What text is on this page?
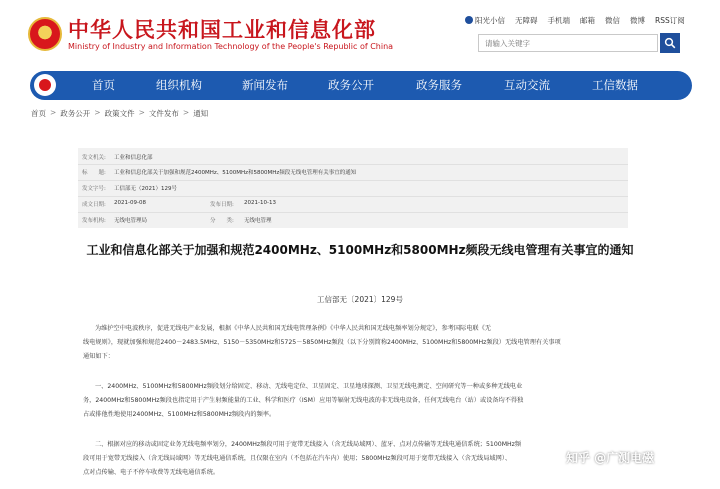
中华人民共和国工业和信息化部
Ministry of Industry and Information Technology of the People's Republic of China
阳光小信 无障碍 手机端 邮箱 微信 微博 RSS订阅
请输入关键字
首页	组织机构	新闻发布	政务公开	政务服务	互动交流	工信数据
首页 > 政务公开 > 政策文件 > 文件发布 > 通知
发文机关: 工业和信息化部
标　　题: 工业和信息化部关于加强和规范2400MHz、5100MHz和5800MHz频段无线电管理有关事宜的通知
发文字号: 工信部无（2021）129号
成文日期: 2021-09-08	发布日期: 2021-10-13
发布机构: 无线电管理局	分　　类: 无线电管理
工业和信息化部关于加强和规范2400MHz、5100MHz和5800MHz频段无线电管理有关事宜的通知
工信部无〔2021〕129号

为维护空中电波秩序，促进无线电产业发展，根据《中华人民共和国无线电管理条例》《中华人民共和国无线电频率划分规定》，参考国际电联《无

线电规则》，现就加强和规范2400－2483.5MHz、5150－5350MHz和5725－5850MHz频段（以下分别简称2400MHz、5100MHz和5800MHz频段）无线电管理有关事项

通知如下：

一、2400MHz、5100MHz和5800MHz频段划分给固定、移动、无线电定位、卫星固定、卫星地球探测、卫星无线电测定、空间研究等一种或多种无线电业

务，2400MHz和5800MHz频段也指定用于产生射频能量的工业、科学和医疗（ISM）应用等辐射无线电波的非无线电设备，任何无线电台（站）或设备均不得独

占或排他性地使用2400MHz、5100MHz和5800MHz频段内的频率。

二、根据对应的移动或固定业务无线电频率划分，2400MHz频段可用于宽带无线接入（含无线局域网）、蓝牙、点对点传输等无线电通信系统；5100MHz频

段可用于宽带无线接入（含无线局域网）等无线电通信系统，且仅限在室内（不包括在汽车内）使用；5800MHz频段可用于宽带无线接入（含无线局域网）、

点对点传输、电子不停车收费等无线电通信系统。

知乎 @广测电磁
